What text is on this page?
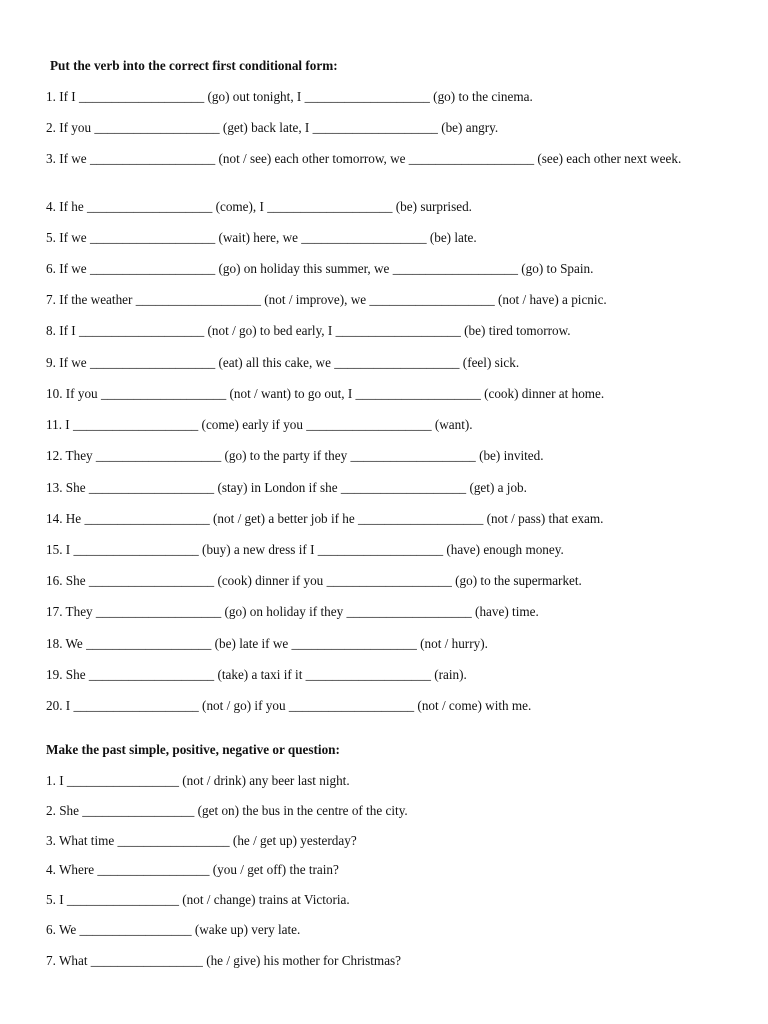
Put the verb into the correct first conditional form:
1. If I ___________________ (go) out tonight, I ___________________ (go) to the cinema.
2. If you ___________________ (get) back late, I ___________________ (be) angry.
3. If we ___________________ (not / see) each other tomorrow, we ___________________ (see) each other next week.
4. If he ___________________ (come), I ___________________ (be) surprised.
5. If we ___________________ (wait) here, we ___________________ (be) late.
6. If we ___________________ (go) on holiday this summer, we ___________________ (go) to Spain.
7. If the weather ___________________ (not / improve), we ___________________ (not / have) a picnic.
8. If I ___________________ (not / go) to bed early, I ___________________ (be) tired tomorrow.
9. If we ___________________ (eat) all this cake, we ___________________ (feel) sick.
10. If you ___________________ (not / want) to go out, I ___________________ (cook) dinner at home.
11. I ___________________ (come) early if you ___________________ (want).
12. They ___________________ (go) to the party if they ___________________ (be) invited.
13. She ___________________ (stay) in London if she ___________________ (get) a job.
14. He ___________________ (not / get) a better job if he ___________________ (not / pass) that exam.
15. I ___________________ (buy) a new dress if I ___________________ (have) enough money.
16. She ___________________ (cook) dinner if you ___________________ (go) to the supermarket.
17. They ___________________ (go) on holiday if they ___________________ (have) time.
18. We ___________________ (be) late if we ___________________ (not / hurry).
19. She ___________________ (take) a taxi if it ___________________ (rain).
20. I ___________________ (not / go) if you ___________________ (not / come) with me.
Make the past simple, positive, negative or question:
1. I _________________ (not / drink) any beer last night.
2. She _________________ (get on) the bus in the centre of the city.
3. What time _________________ (he / get up) yesterday?
4. Where _________________ (you / get off) the train?
5. I _________________ (not / change) trains at Victoria.
6. We _________________ (wake up) very late.
7. What _________________ (he / give) his mother for Christmas?
